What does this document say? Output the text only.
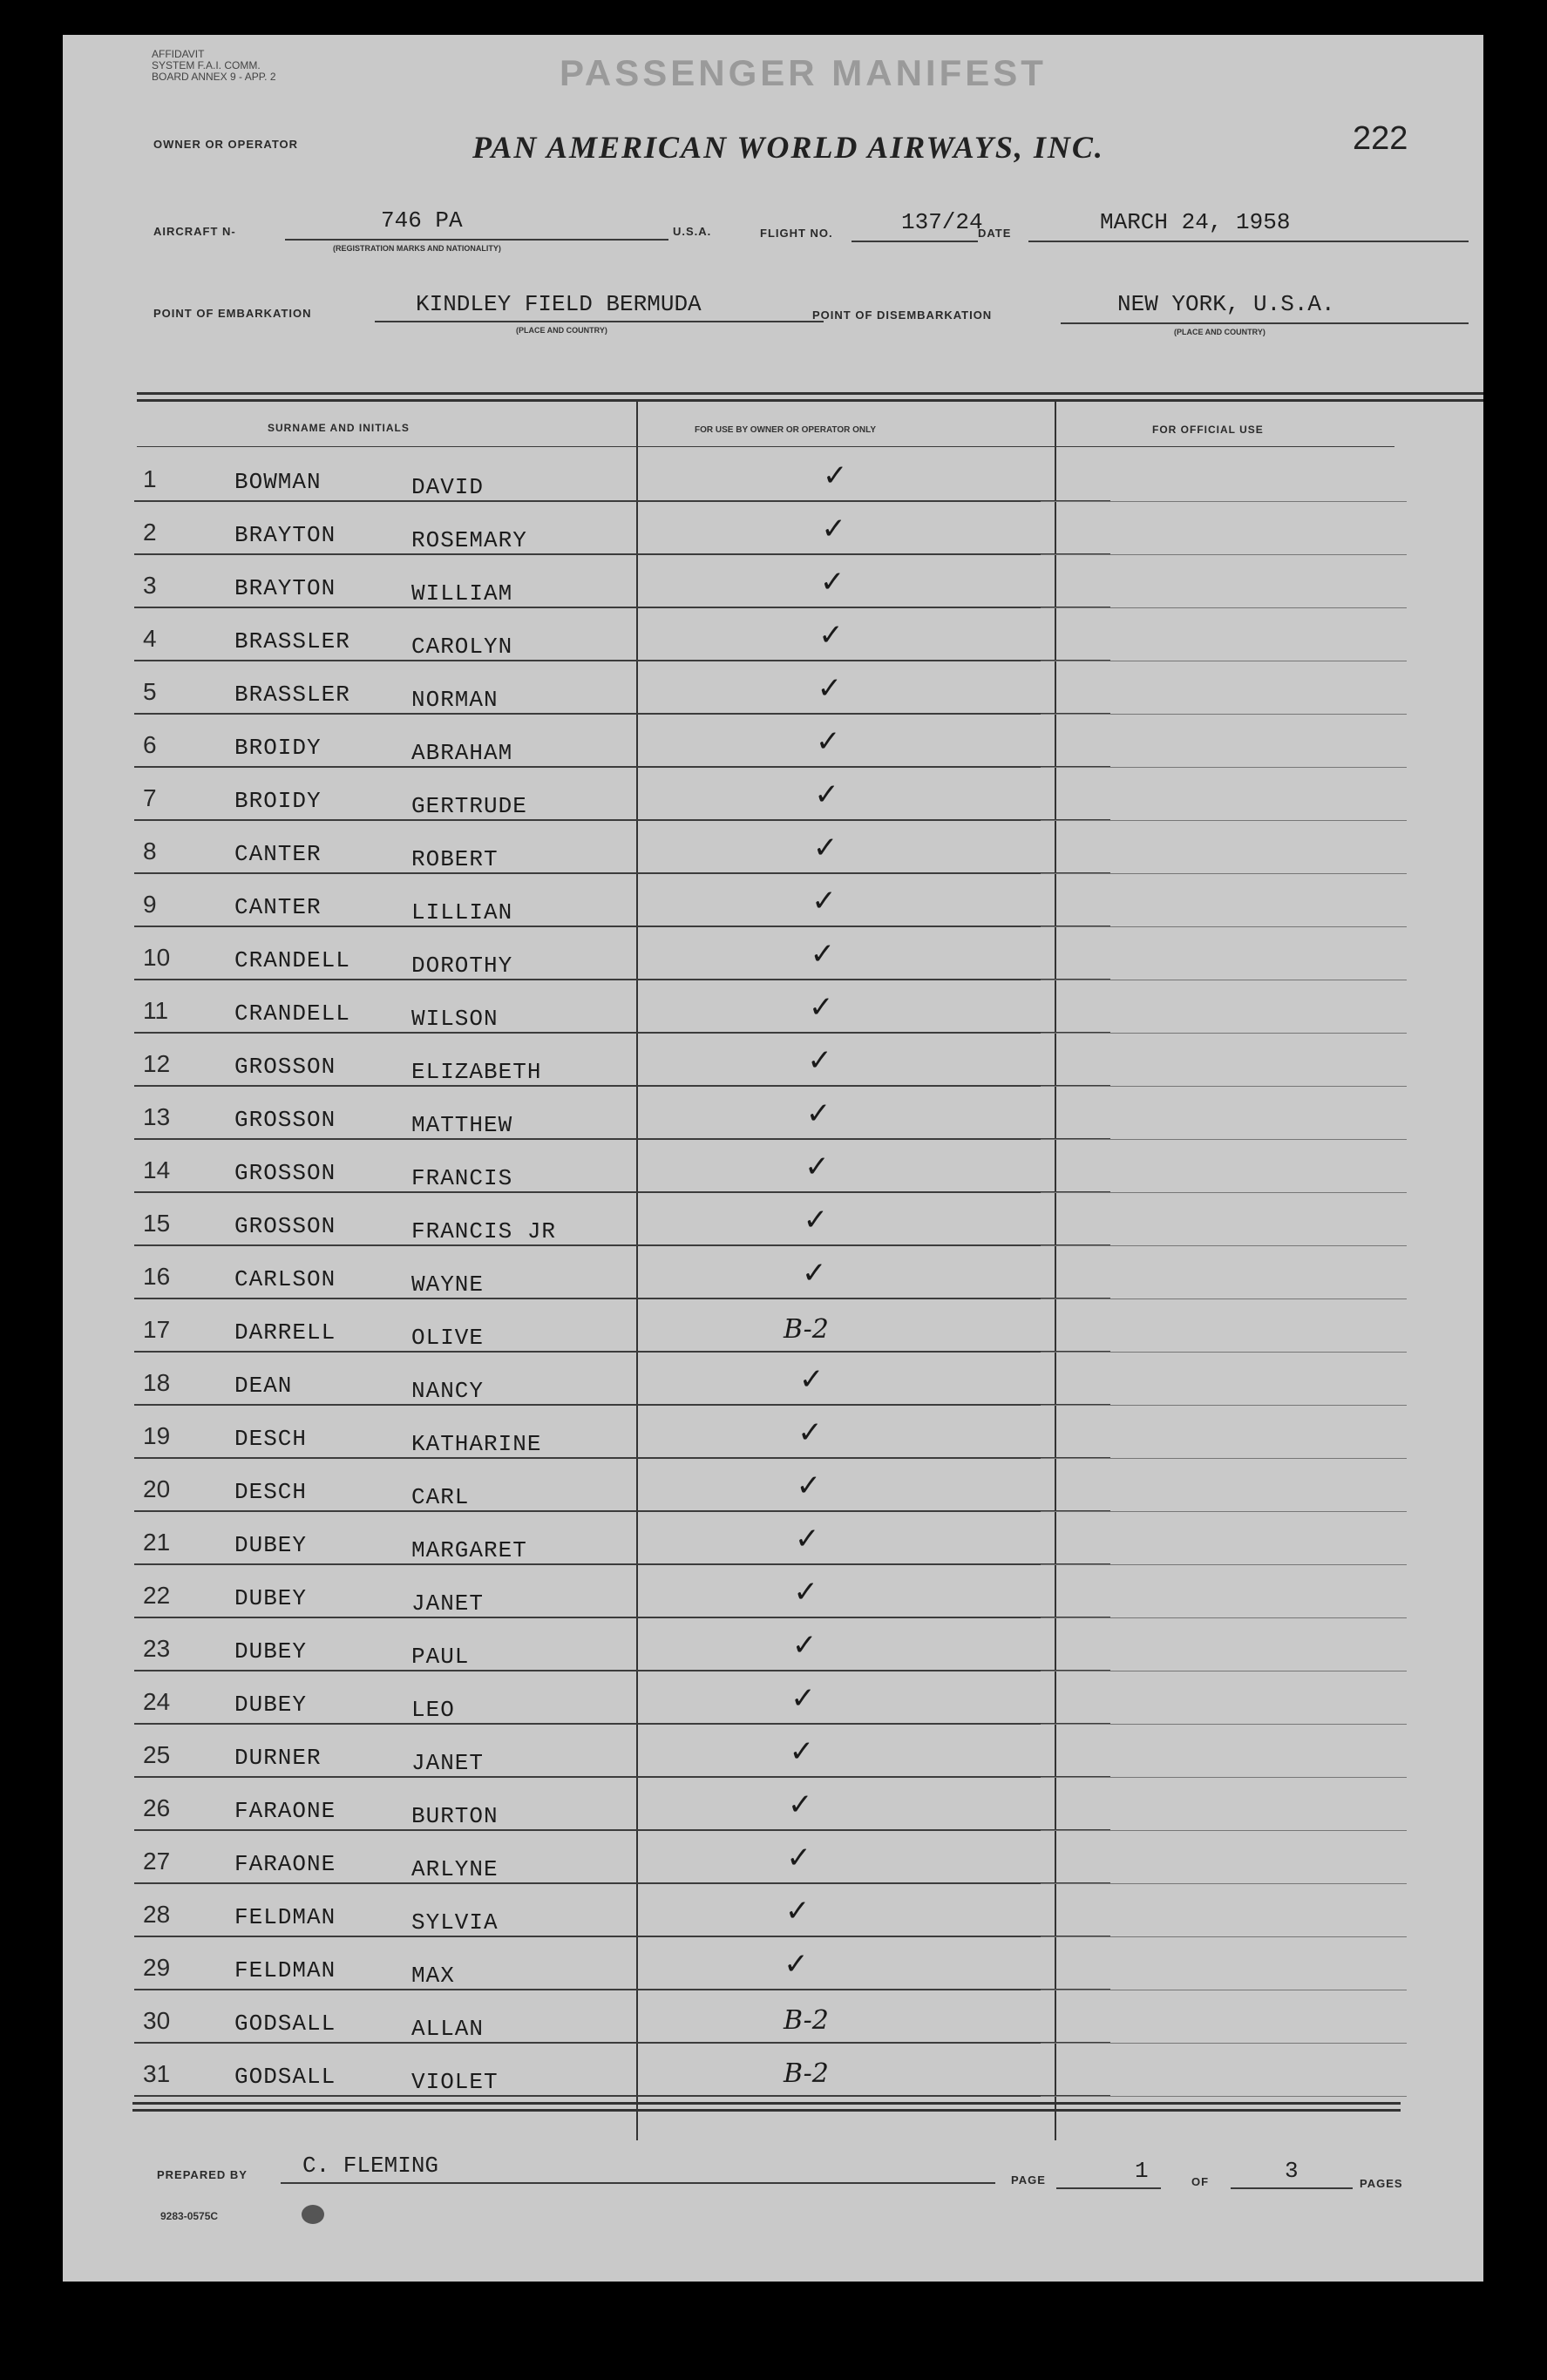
AFFIDAVIT
SYSTEM F.A.I. COMM.
BOARD ANNEX 9 - APP. 2	PASSENGER MANIFEST
222
OWNER OR OPERATOR	PAN AMERICAN WORLD AIRWAYS, INC.
AIRCRAFT N-	746 PA
(REGISTRATION MARKS AND NATIONALITY)
U.S.A.	FLIGHT NO.	137/24
DATE	MARCH 24, 1958
POINT OF EMBARKATION	KINDLEY FIELD BERMUDA
(PLACE AND COUNTRY)
POINT OF DISEMBARKATION	NEW YORK, U.S.A.
(PLACE AND COUNTRY)
SURNAME AND INITIALS	FOR USE BY OWNER OR OPERATOR ONLY	FOR OFFICIAL USE
1	BOWMAN	DAVID	✓
2	BRAYTON	ROSEMARY	✓
3	BRAYTON	WILLIAM	✓
4	BRASSLER	CAROLYN	✓
5	BRASSLER	NORMAN	✓
6	BROIDY	ABRAHAM	✓
7	BROIDY	GERTRUDE	✓
8	CANTER	ROBERT	✓
9	CANTER	LILLIAN	✓
10	CRANDELL	DOROTHY	✓
11	CRANDELL	WILSON	✓
12	GROSSON	ELIZABETH	✓
13	GROSSON	MATTHEW	✓
14	GROSSON	FRANCIS	✓
15	GROSSON	FRANCIS JR	✓
16	CARLSON	WAYNE	✓
17	DARRELL	OLIVE	B-2
18	DEAN	NANCY	✓
19	DESCH	KATHARINE	✓
20	DESCH	CARL	✓
21	DUBEY	MARGARET	✓
22	DUBEY	JANET	✓
23	DUBEY	PAUL	✓
24	DUBEY	LEO	✓
25	DURNER	JANET	✓
26	FARAONE	BURTON	✓
27	FARAONE	ARLYNE	✓
28	FELDMAN	SYLVIA	✓
29	FELDMAN	MAX	✓
30	GODSALL	ALLAN	B-2
31	GODSALL	VIOLET	B-2
PREPARED BY C. FLEMING
PAGE	1	OF	3	PAGES
9283-0575C
